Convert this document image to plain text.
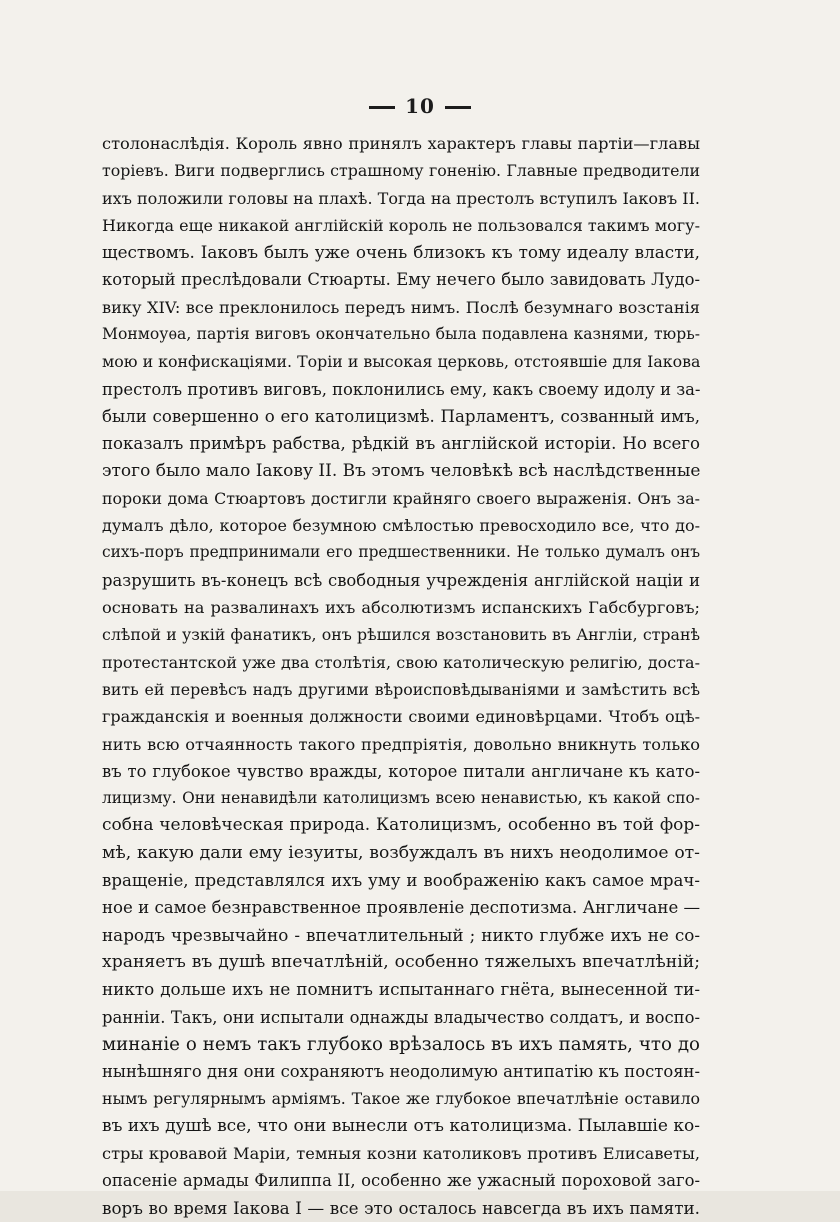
10
столонаслѣдія. Король явно принялъ характеръ главы партіи—главы
торіевъ. Виги подверглись страшному гоненію. Главные предводители
ихъ положили головы на плахѣ. Тогда на престолъ вступилъ Іаковъ II.
Никогда еще никакой англійскій король не пользовался такимъ могу-
ществомъ. Іаковъ былъ уже очень близокъ къ тому идеалу власти,
который преслѣдовали Стюарты. Ему нечего было завидовать Лудо-
вику XIV: все преклонилось передъ нимъ. Послѣ безумнаго возстанія
Монмоуѳа, партія виговъ окончательно была подавлена казнями, тюрь-
мою и конфискаціями. Торіи и высокая церковь, отстоявшіе для Іакова
престолъ противъ виговъ, поклонились ему, какъ своему идолу и за-
были совершенно о его католицизмѣ. Парламентъ, созванный имъ,
показалъ примѣръ рабства, рѣдкій въ англійской исторіи. Но всего
этого было мало Іакову II. Въ этомъ человѣкѣ всѣ наслѣдственные
пороки дома Стюартовъ достигли крайняго своего выраженія. Онъ за-
думалъ дѣло, которое безумною смѣлостью превосходило все, что до-
сихъ-поръ предпринимали его предшественники. Не только думалъ онъ
разрушить въ-конецъ всѣ свободныя учрежденія англійской націи и
основать на развалинахъ ихъ абсолютизмъ испанскихъ Габсбурговъ;
слѣпой и узкій фанатикъ, онъ рѣшился возстановить въ Англіи, странѣ
протестантской уже два столѣтія, свою католическую религію, доста-
вить ей перевѣсъ надъ другими вѣроисповѣдываніями и замѣстить всѣ
гражданскія и военныя должности своими единовѣрцами. Чтобъ оцѣ-
нить всю отчаянность такого предпріятія, довольно вникнуть только
въ то глубокое чувство вражды, которое питали англичане къ като-
лицизму. Они ненавидѣли католицизмъ всею ненавистью, къ какой спо-
собна человѣческая природа. Католицизмъ, особенно въ той фор-
мѣ, какую дали ему іезуиты, возбуждалъ въ нихъ неодолимое от-
вращеніе, представлялся ихъ уму и воображенію какъ самое мрач-
ное и самое безнравственное проявленіе деспотизма. Англичане —
народъ чрезвычайно - впечатлительный ; никто глубже ихъ не со-
храняетъ въ душѣ впечатлѣній, особенно тяжелыхъ впечатлѣній;
никто дольше ихъ не помнитъ испытаннаго гнёта, вынесенной ти-
ранніи. Такъ, они испытали однажды владычество солдатъ, и воспо-
минаніе о немъ такъ глубоко врѣзалось въ ихъ память, что до
нынѣшняго дня они сохраняютъ неодолимую антипатію къ постоян-
нымъ регулярнымъ арміямъ. Такое же глубокое впечатлѣніе оставило
въ ихъ душѣ все, что они вынесли отъ католицизма. Пылавшіе ко-
стры кровавой Маріи, темныя козни католиковъ противъ Елисаветы,
опасеніе армады Филиппа II, особенно же ужасный пороховой заго-
воръ во время Іакова I — все это осталось навсегда въ ихъ памяти.
